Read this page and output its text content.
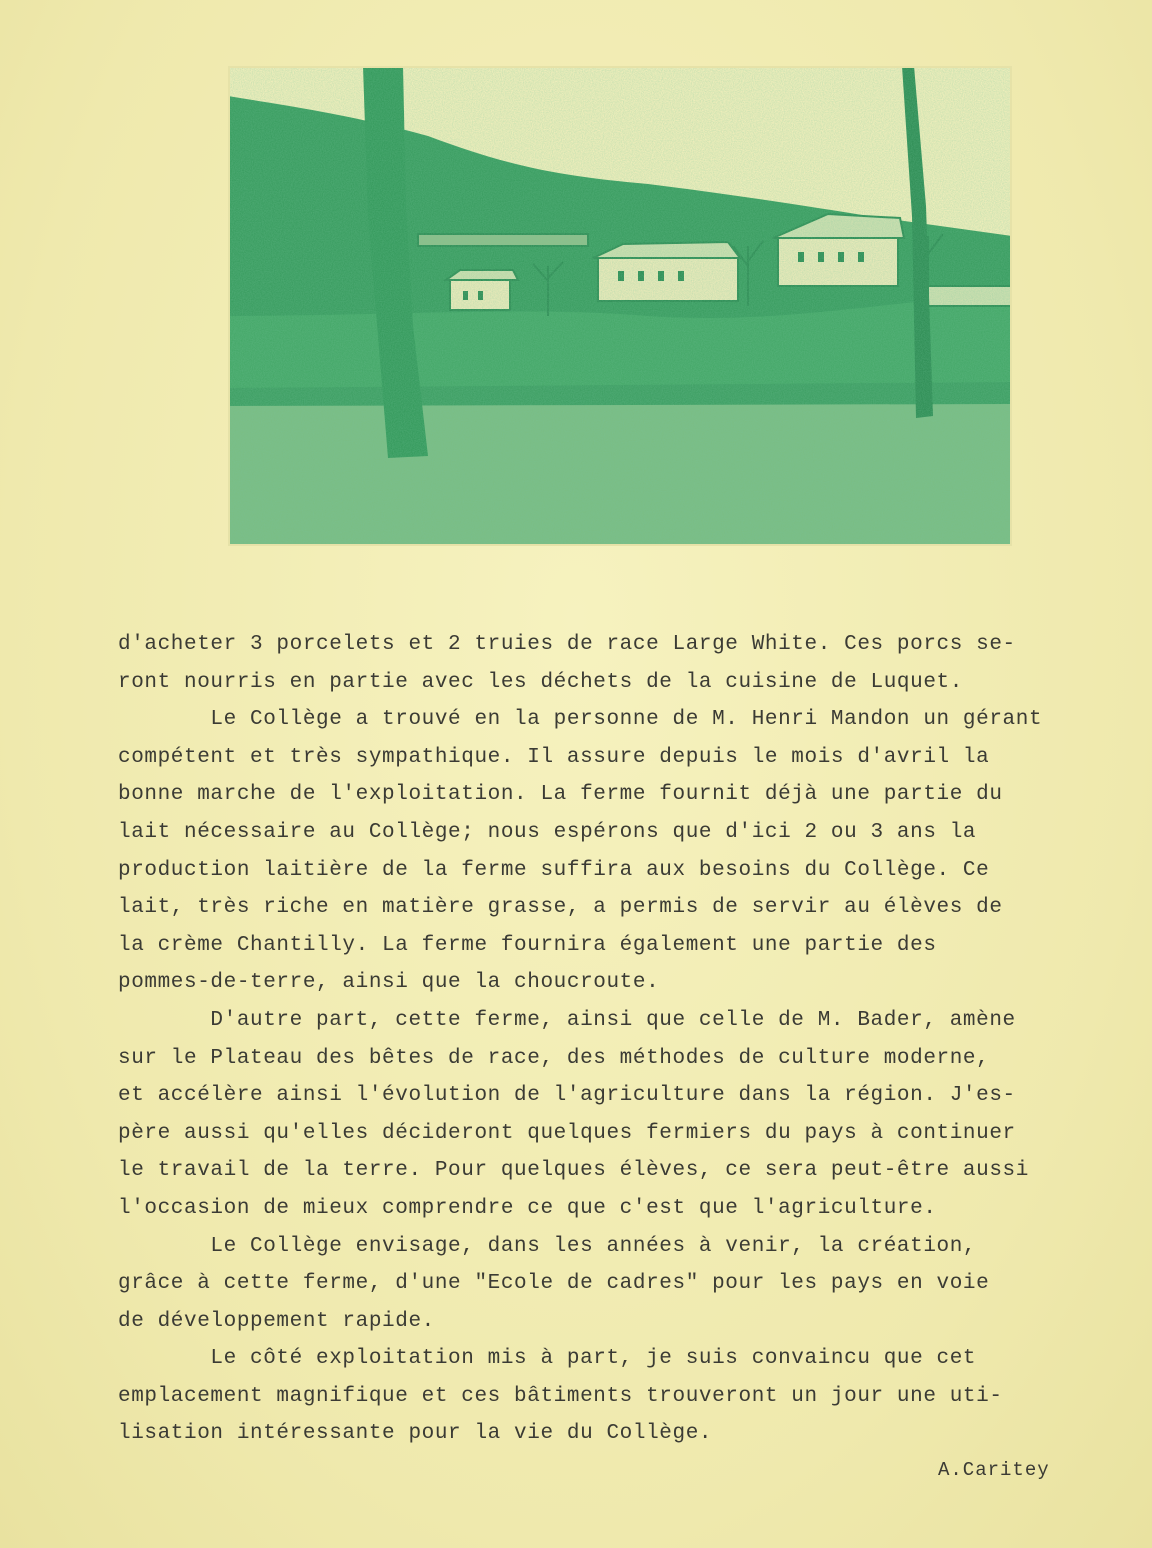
d'acheter 3 porcelets et 2 truies de race Large White. Ces porcs se-

ront nourris en partie avec les déchets de la cuisine de Luquet.

Le Collège a trouvé en la personne de M. Henri Mandon un gérant

compétent et très sympathique. Il assure depuis le mois d'avril la

bonne marche de l'exploitation. La ferme fournit déjà une partie du

lait nécessaire au Collège; nous espérons que d'ici 2 ou 3 ans la

production laitière de la ferme suffira aux besoins du Collège. Ce

lait, très riche en matière grasse, a permis de servir au élèves de

la crème Chantilly. La ferme fournira également une partie des

pommes-de-terre, ainsi que la choucroute.

D'autre part, cette ferme, ainsi que celle de M. Bader, amène

sur le Plateau des bêtes de race, des méthodes de culture moderne,

et accélère ainsi l'évolution de l'agriculture dans la région. J'es-

père aussi qu'elles décideront quelques fermiers du pays à continuer

le travail de la terre. Pour quelques élèves, ce sera peut-être aussi

l'occasion de mieux comprendre ce que c'est que l'agriculture.

Le Collège envisage, dans les années à venir, la création,

grâce à cette ferme, d'une "Ecole de cadres" pour les pays en voie

de développement rapide.

Le côté exploitation mis à part, je suis convaincu que cet

emplacement magnifique et ces bâtiments trouveront un jour une uti-

lisation intéressante pour la vie du Collège.

A.Caritey
